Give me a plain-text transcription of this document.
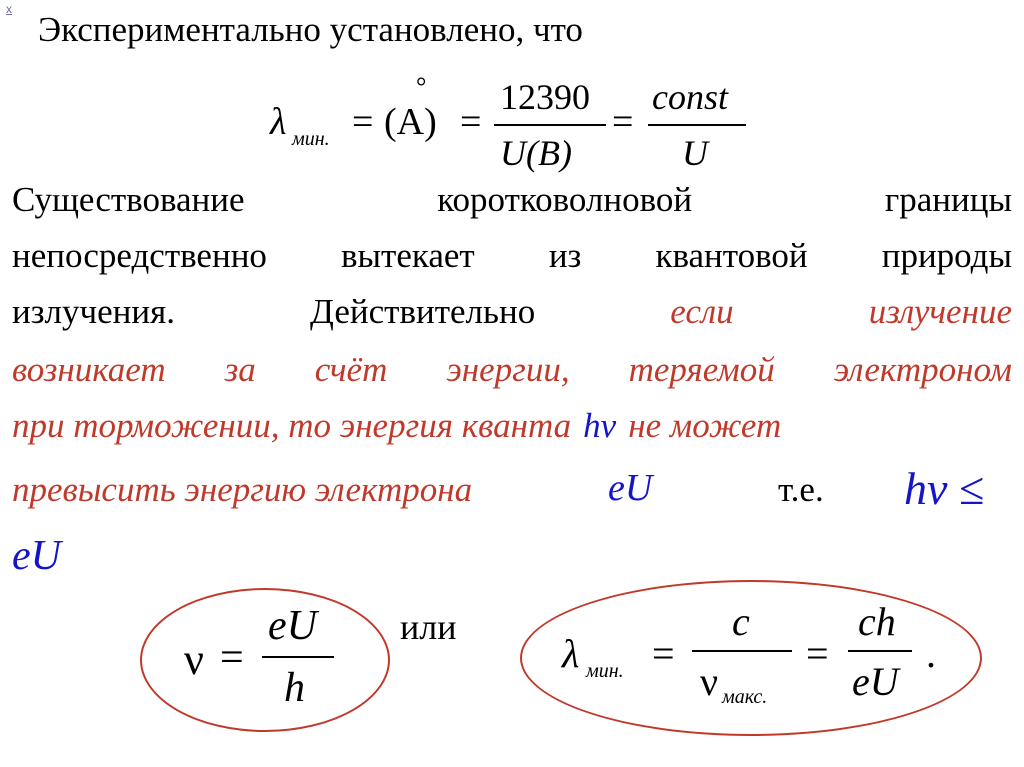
x
Экспериментально установлено, что
λ мин. =
°
(A) =
12390
U(B)
=
const
U
Существование	коротковолновой	границы
непосредственно вытекает из квантовой природы
излучения.	Действительно	если	излучение
возникает за счёт энергии, теряемой электроном
при торможении, то энергия кванта hν не может
превысить энергию электрона	eU	т.е. hν ≤
eU
ν =
eU
h
или
λ мин. =
c
ν макс.
=
ch
eU
.
